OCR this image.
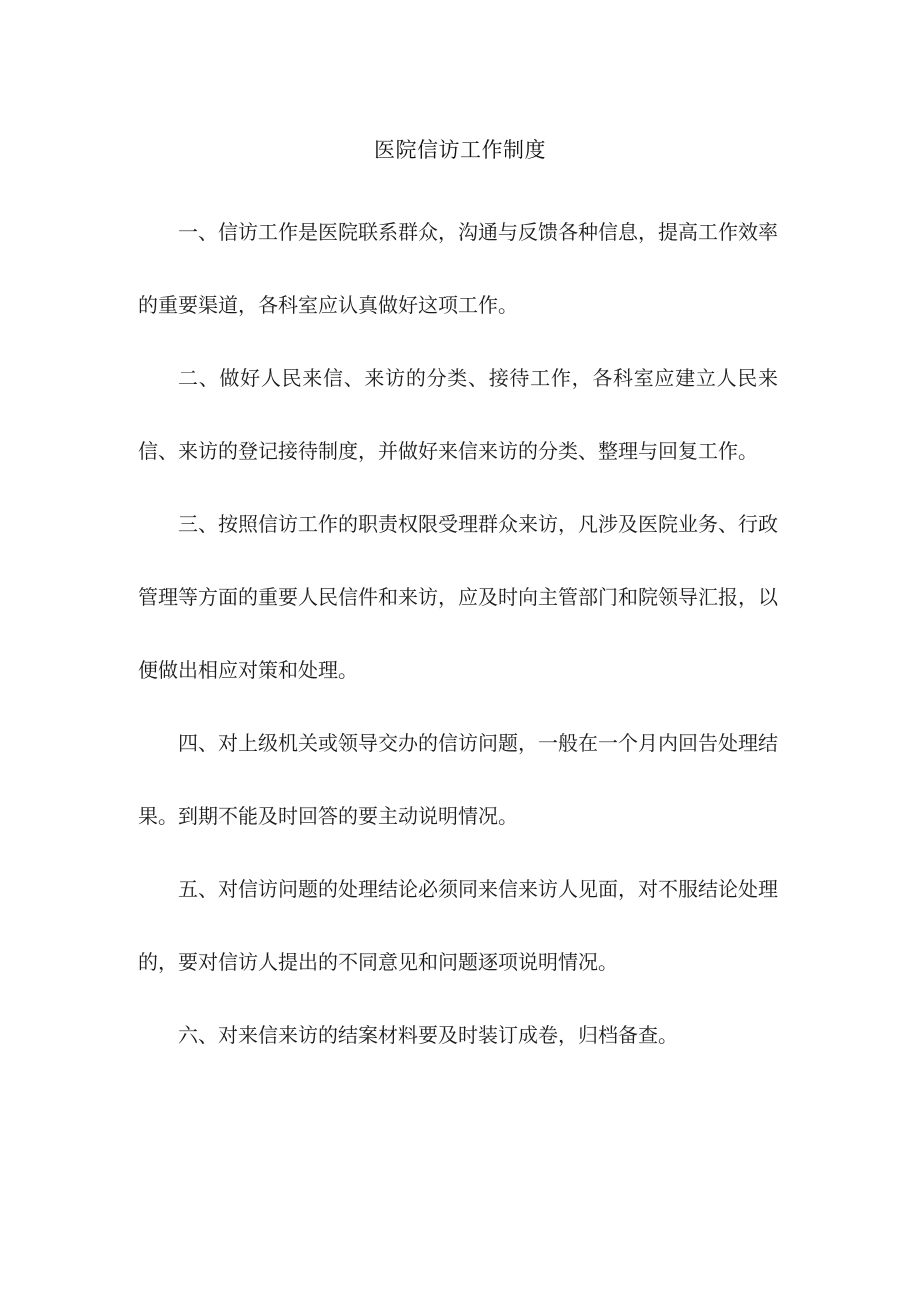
医院信访工作制度

一、信访工作是医院联系群众，沟通与反馈各种信息，提高工作效率的重要渠道，各科室应认真做好这项工作。

二、做好人民来信、来访的分类、接待工作，各科室应建立人民来信、来访的登记接待制度，并做好来信来访的分类、整理与回复工作。

三、按照信访工作的职责权限受理群众来访，凡涉及医院业务、行政管理等方面的重要人民信件和来访，应及时向主管部门和院领导汇报，以便做出相应对策和处理。

四、对上级机关或领导交办的信访问题，一般在一个月内回告处理结果。到期不能及时回答的要主动说明情况。

五、对信访问题的处理结论必须同来信来访人见面，对不服结论处理的，要对信访人提出的不同意见和问题逐项说明情况。

六、对来信来访的结案材料要及时装订成卷，归档备查。
